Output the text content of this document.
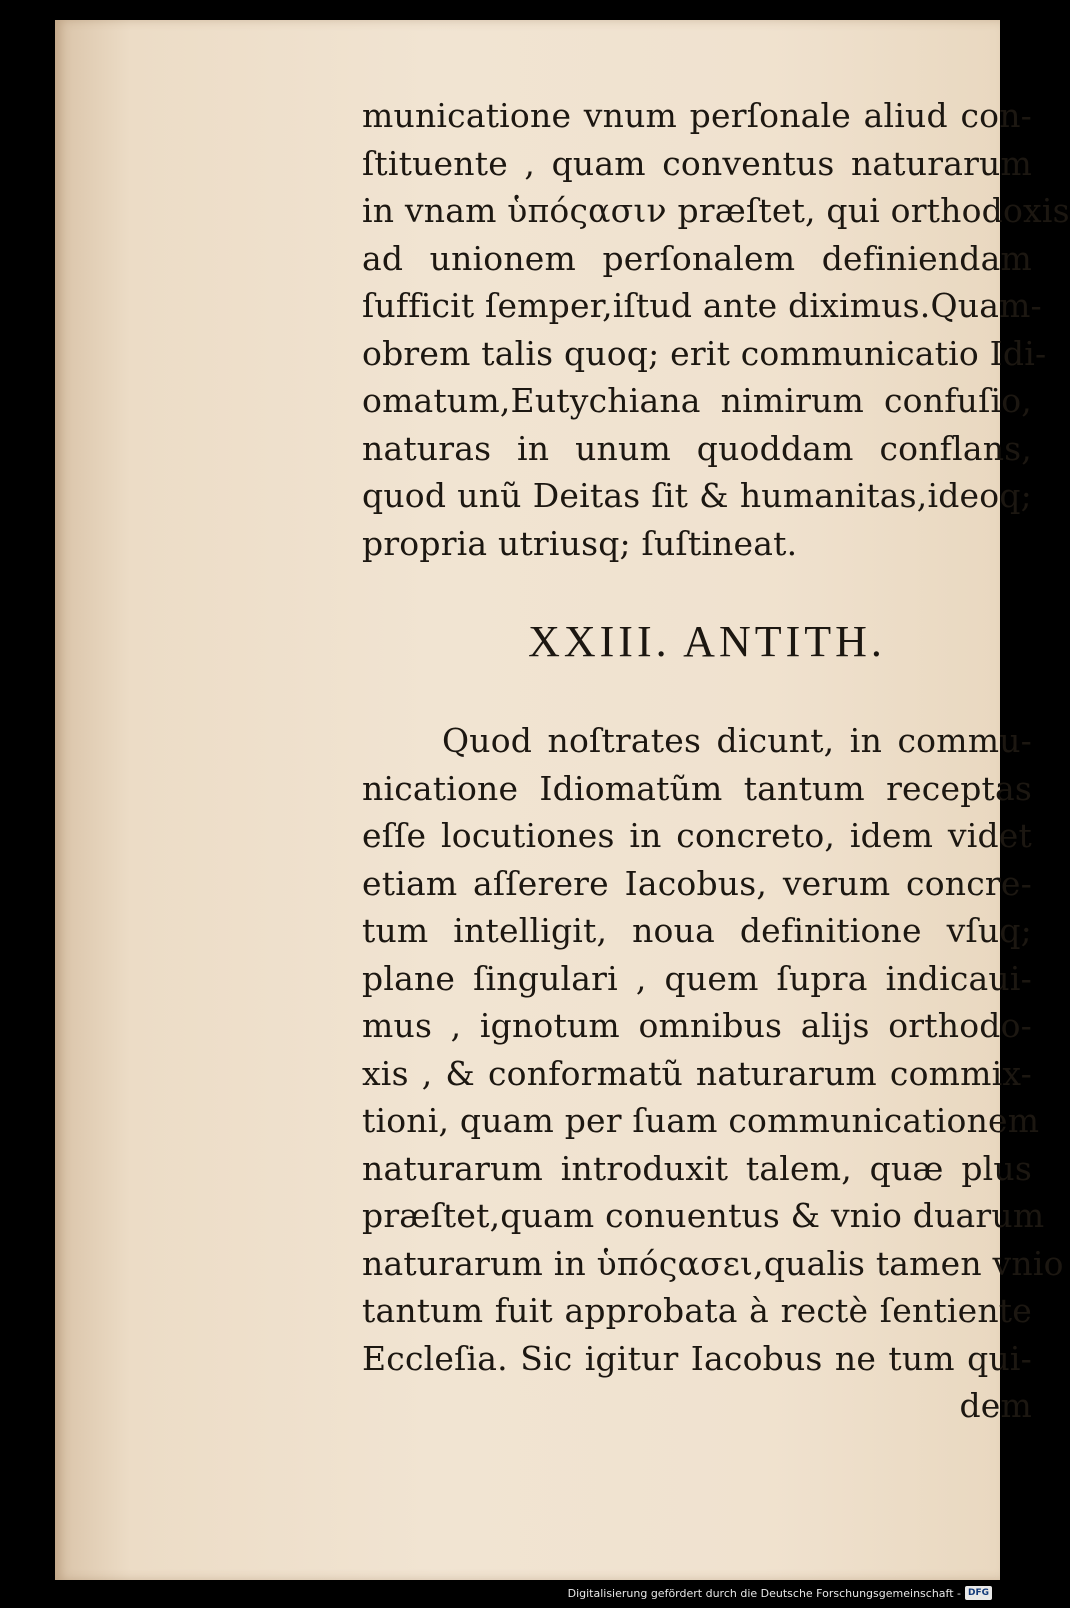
municatione vnum perſonale aliud con-
ſtituente , quam conventus naturarum
in vnam ὑπόςασιν præſtet, qui orthodoxis
ad unionem perſonalem definiendam
ſufficit ſemper,iſtud ante diximus.Quam-
obrem talis quoq; erit communicatio Idi-
omatum,Eutychiana nimirum confuſio,
naturas in unum quoddam conflans,
quod unũ Deitas ſit & humanitas,ideoq;
propria utriusq; ſuſtineat.
XXIII. ANTITH.
Quod noſtrates dicunt, in commu-
nicatione Idiomatũm tantum receptas
eſſe locutiones in concreto, idem videt
etiam aſſerere Iacobus, verum concre-
tum intelligit, noua definitione vſuq;
plane ſingulari , quem ſupra indicaui-
mus , ignotum omnibus alijs orthodo-
xis , & conformatũ naturarum commix-
tioni, quam per ſuam communicationem
naturarum introduxit talem, quæ plus
præſtet,quam conuentus & vnio duarum
naturarum in ὑπόςασει,qualis tamen vnio
tantum fuit approbata à rectè ſentiente
Eccleſia. Sic igitur Iacobus ne tum qui-
dem
Digitalisierung gefördert durch die Deutsche Forschungsgemeinschaft - DFG
